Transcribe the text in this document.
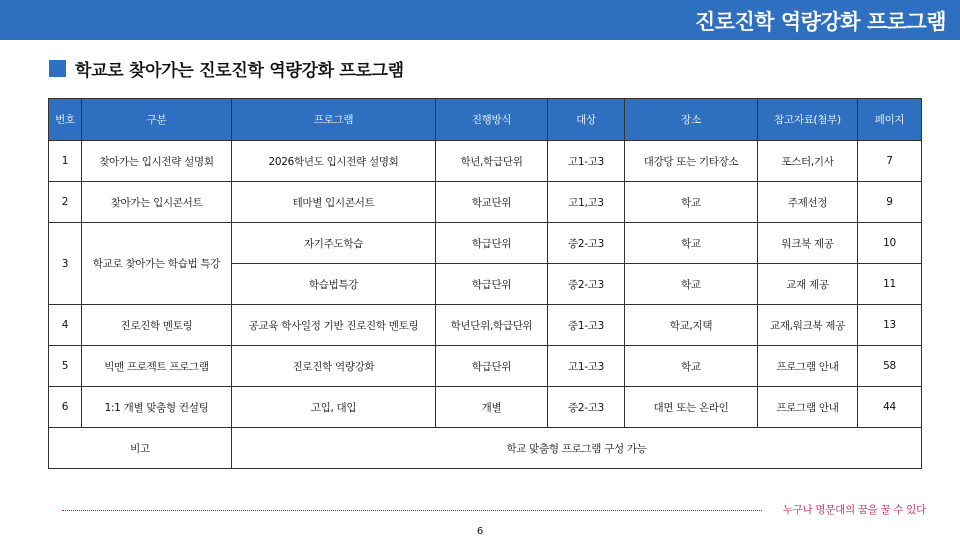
진로진학 역량강화 프로그램
학교로 찾아가는 진로진학 역량강화 프로그램
번호	구분	프로그램	진행방식	대상	장소	참고자료(첨부)	페이지
1	찾아가는 입시전략 설명회	2026학년도 입시전략 설명회	학년,학급단위	고1-고3	대강당 또는 기타장소	포스터,기사	7
2	찾아가는 입시콘서트	테마별 입시콘서트	학교단위	고1,고3	학교	주제선정	9
3	학교로 찾아가는 학습법 특강	자기주도학습	학급단위	중2-고3	학교	워크북 제공	10
		학습법특강	학급단위	중2-고3	학교	교재 제공	11
4	진로진학 멘토링	공교육 학사일정 기반 진로진학 멘토링	학년단위,학급단위	중1-고3	학교,지택	교재,워크북 제공	13
5	빅맨 프로젝트 프로그램	진로진학 역량강화	학급단위	고1-고3	학교	프로그램 안내	58
6	1:1 개별 맞춤형 컨설팅	고입, 대입	개별	중2-고3	대면 또는 온라인	프로그램 안내	44
비고		학교 맞춤형 프로그램 구성 가능					
누구나 명문대의 꿈을 꿀 수 있다
6
